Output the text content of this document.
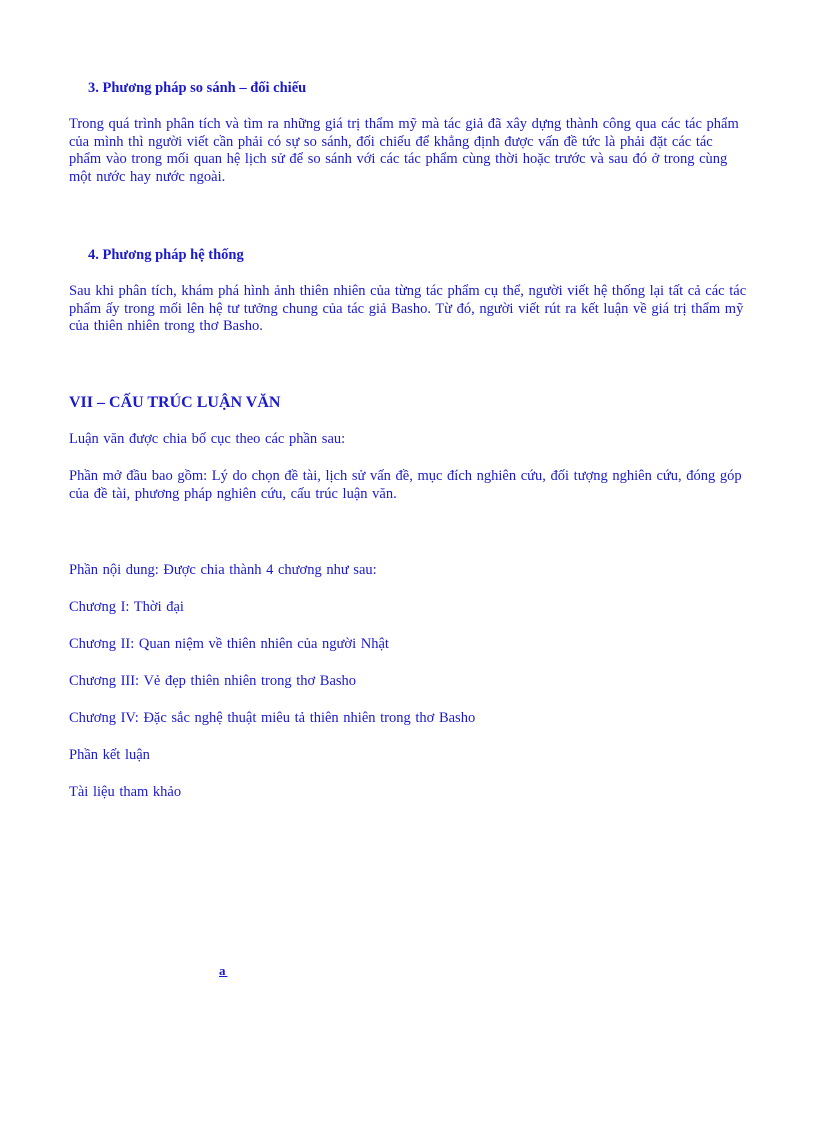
3. Phương pháp so sánh – đối chiếu

Trong quá trình phân tích và tìm ra những giá trị thẩm mỹ mà tác giả đã xây dựng thành công qua các tác phẩm của mình thì người viết cần phải có sự so sánh, đối chiếu để khẳng định được vấn đề tức là phải đặt các tác phẩm vào trong mối quan hệ lịch sử để so sánh với các tác phẩm cùng thời hoặc trước và sau đó ở trong cùng một nước hay nước ngoài.

4. Phương pháp hệ thống

Sau khi phân tích, khám phá hình ảnh thiên nhiên của từng tác phẩm cụ thể, người viết hệ thống lại tất cả các tác phẩm ấy trong mối lên hệ tư tưởng chung của tác giả Basho. Từ đó, người viết rút ra kết luận về giá trị thẩm mỹ của thiên nhiên trong thơ Basho.

VII – CẤU TRÚC LUẬN VĂN

Luận văn được chia bố cục theo các phần sau:

Phần mở đầu bao gồm: Lý do chọn đề tài, lịch sử vấn đề, mục đích nghiên cứu, đối tượng nghiên cứu, đóng góp của đề tài, phương pháp nghiên cứu, cấu trúc luận văn.

Phần nội dung: Được chia thành 4 chương như sau:

Chương I: Thời đại

Chương II: Quan niệm về thiên nhiên của người Nhật

Chương III: Vẻ đẹp thiên nhiên trong thơ Basho

Chương IV: Đặc sắc nghệ thuật miêu tả thiên nhiên trong thơ Basho

Phần kết luận

Tài liệu tham khảo

a
